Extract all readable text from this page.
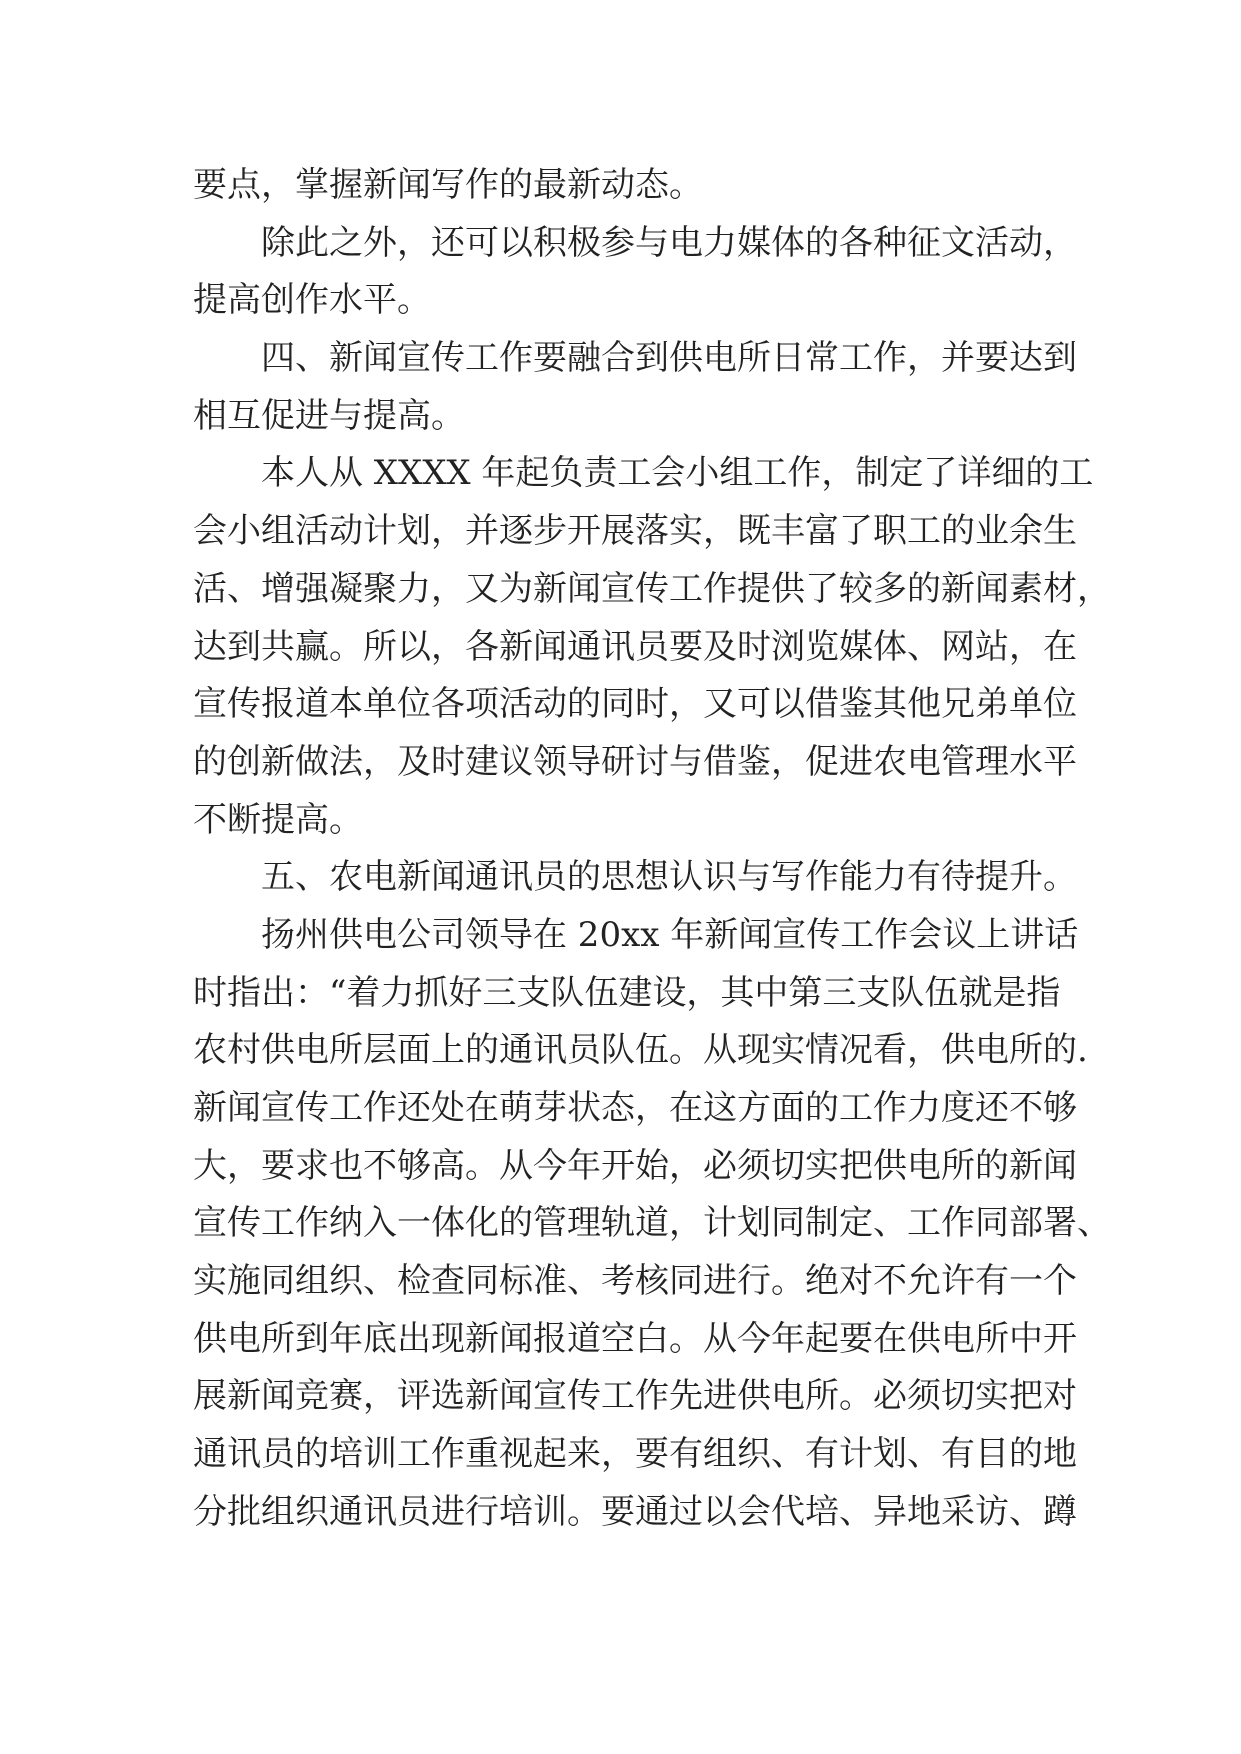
要点，掌握新闻写作的最新动态。
除此之外，还可以积极参与电力媒体的各种征文活动，
提高创作水平。
四、新闻宣传工作要融合到供电所日常工作，并要达到
相互促进与提高。
本人从 XXXX 年起负责工会小组工作，制定了详细的工
会小组活动计划，并逐步开展落实，既丰富了职工的业余生
活、增强凝聚力，又为新闻宣传工作提供了较多的新闻素材，
达到共赢。所以，各新闻通讯员要及时浏览媒体、网站，在
宣传报道本单位各项活动的同时，又可以借鉴其他兄弟单位
的创新做法，及时建议领导研讨与借鉴，促进农电管理水平
不断提高。
五、农电新闻通讯员的思想认识与写作能力有待提升。
扬州供电公司领导在 20xx 年新闻宣传工作会议上讲话
时指出：“着力抓好三支队伍建设，其中第三支队伍就是指
农村供电所层面上的通讯员队伍。从现实情况看，供电所的.
新闻宣传工作还处在萌芽状态，在这方面的工作力度还不够
大，要求也不够高。从今年开始，必须切实把供电所的新闻
宣传工作纳入一体化的管理轨道，计划同制定、工作同部署、
实施同组织、检查同标准、考核同进行。绝对不允许有一个
供电所到年底出现新闻报道空白。从今年起要在供电所中开
展新闻竞赛，评选新闻宣传工作先进供电所。必须切实把对
通讯员的培训工作重视起来，要有组织、有计划、有目的地
分批组织通讯员进行培训。要通过以会代培、异地采访、蹲
